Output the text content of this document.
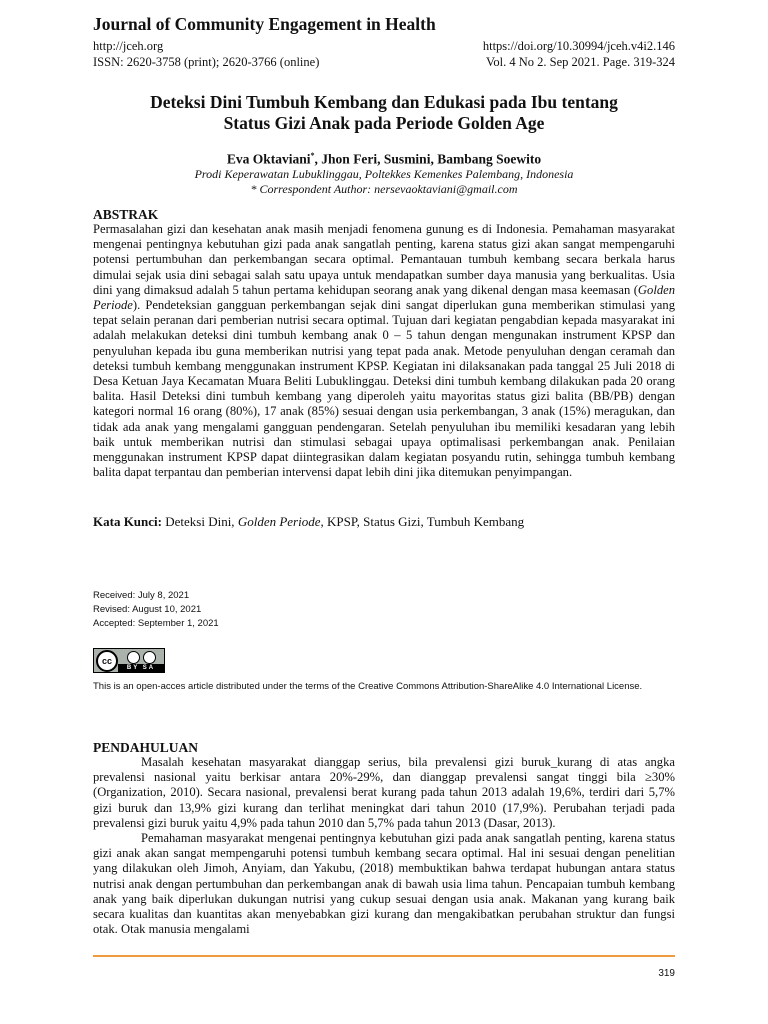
Journal of Community Engagement in Health
http://jceh.org	https://doi.org/10.30994/jceh.v4i2.146
ISSN: 2620-3758 (print); 2620-3766 (online)	Vol. 4 No 2. Sep 2021. Page. 319-324
Deteksi Dini Tumbuh Kembang dan Edukasi pada Ibu tentang
Status Gizi Anak pada Periode Golden Age
Eva Oktaviani*, Jhon Feri, Susmini, Bambang Soewito
Prodi Keperawatan Lubuklinggau, Poltekkes Kemenkes Palembang, Indonesia
* Correspondent Author: nersevaoktaviani@gmail.com
ABSTRAK
Permasalahan gizi dan kesehatan anak masih menjadi fenomena gunung es di Indonesia. Pemahaman masyarakat mengenai pentingnya kebutuhan gizi pada anak sangatlah penting, karena status gizi akan sangat mempengaruhi potensi pertumbuhan dan perkembangan secara optimal. Pemantauan tumbuh kembang secara berkala harus dimulai sejak usia dini sebagai salah satu upaya untuk mendapatkan sumber daya manusia yang berkualitas. Usia dini yang dimaksud adalah 5 tahun pertama kehidupan seorang anak yang dikenal dengan masa keemasan (Golden Periode). Pendeteksian gangguan perkembangan sejak dini sangat diperlukan guna memberikan stimulasi yang tepat selain peranan dari pemberian nutrisi secara optimal. Tujuan dari kegiatan pengabdian kepada masyarakat ini adalah melakukan deteksi dini tumbuh kembang anak 0 – 5 tahun dengan mengunakan instrument KPSP dan penyuluhan kepada ibu guna memberikan nutrisi yang tepat pada anak. Metode penyuluhan dengan ceramah dan deteksi tumbuh kembang menggunakan instrument KPSP. Kegiatan ini dilaksanakan pada tanggal 25 Juli 2018 di Desa Ketuan Jaya Kecamatan Muara Beliti Lubuklinggau. Deteksi dini tumbuh kembang dilakukan pada 20 orang balita. Hasil Deteksi dini tumbuh kembang yang diperoleh yaitu mayoritas status gizi balita (BB/PB) dengan kategori normal 16 orang (80%), 17 anak (85%) sesuai dengan usia perkembangan, 3 anak (15%) meragukan, dan tidak ada anak yang mengalami gangguan pendengaran. Setelah penyuluhan ibu memiliki kesadaran yang lebih baik untuk memberikan nutrisi dan stimulasi sebagai upaya optimalisasi perkembangan anak. Penilaian menggunakan instrument KPSP dapat diintegrasikan dalam kegiatan posyandu rutin, sehingga tumbuh kembang balita dapat terpantau dan pemberian intervensi dapat lebih dini jika ditemukan penyimpangan.
Kata Kunci: Deteksi Dini, Golden Periode, KPSP, Status Gizi, Tumbuh Kembang
Received: July 8, 2021
Revised: August 10, 2021
Accepted: September 1, 2021
cc
BY SA
This is an open-acces article distributed under the terms of the Creative Commons Attribution-ShareAlike 4.0 International License.
PENDAHULUAN

Masalah kesehatan masyarakat dianggap serius, bila prevalensi gizi buruk_kurang di atas angka prevalensi nasional yaitu berkisar antara 20%-29%, dan dianggap prevalensi sangat tinggi bila ≥30% (Organization, 2010). Secara nasional, prevalensi berat kurang pada tahun 2013 adalah 19,6%, terdiri dari 5,7% gizi buruk dan 13,9% gizi kurang dan terlihat meningkat dari tahun 2010 (17,9%). Perubahan terjadi pada prevalensi gizi buruk yaitu 4,9% pada tahun 2010 dan 5,7% pada tahun 2013 (Dasar, 2013).

Pemahaman masyarakat mengenai pentingnya kebutuhan gizi pada anak sangatlah penting, karena status gizi anak akan sangat mempengaruhi potensi tumbuh kembang secara optimal. Hal ini sesuai dengan penelitian yang dilakukan oleh Jimoh, Anyiam, dan Yakubu, (2018) membuktikan bahwa terdapat hubungan antara status nutrisi anak dengan pertumbuhan dan perkembangan anak di bawah usia lima tahun. Pencapaian tumbuh kembang anak yang baik diperlukan dukungan nutrisi yang cukup sesuai dengan usia anak. Makanan yang kurang baik secara kualitas dan kuantitas akan menyebabkan gizi kurang dan mengakibatkan perubahan struktur dan fungsi otak. Otak manusia mengalami

319
